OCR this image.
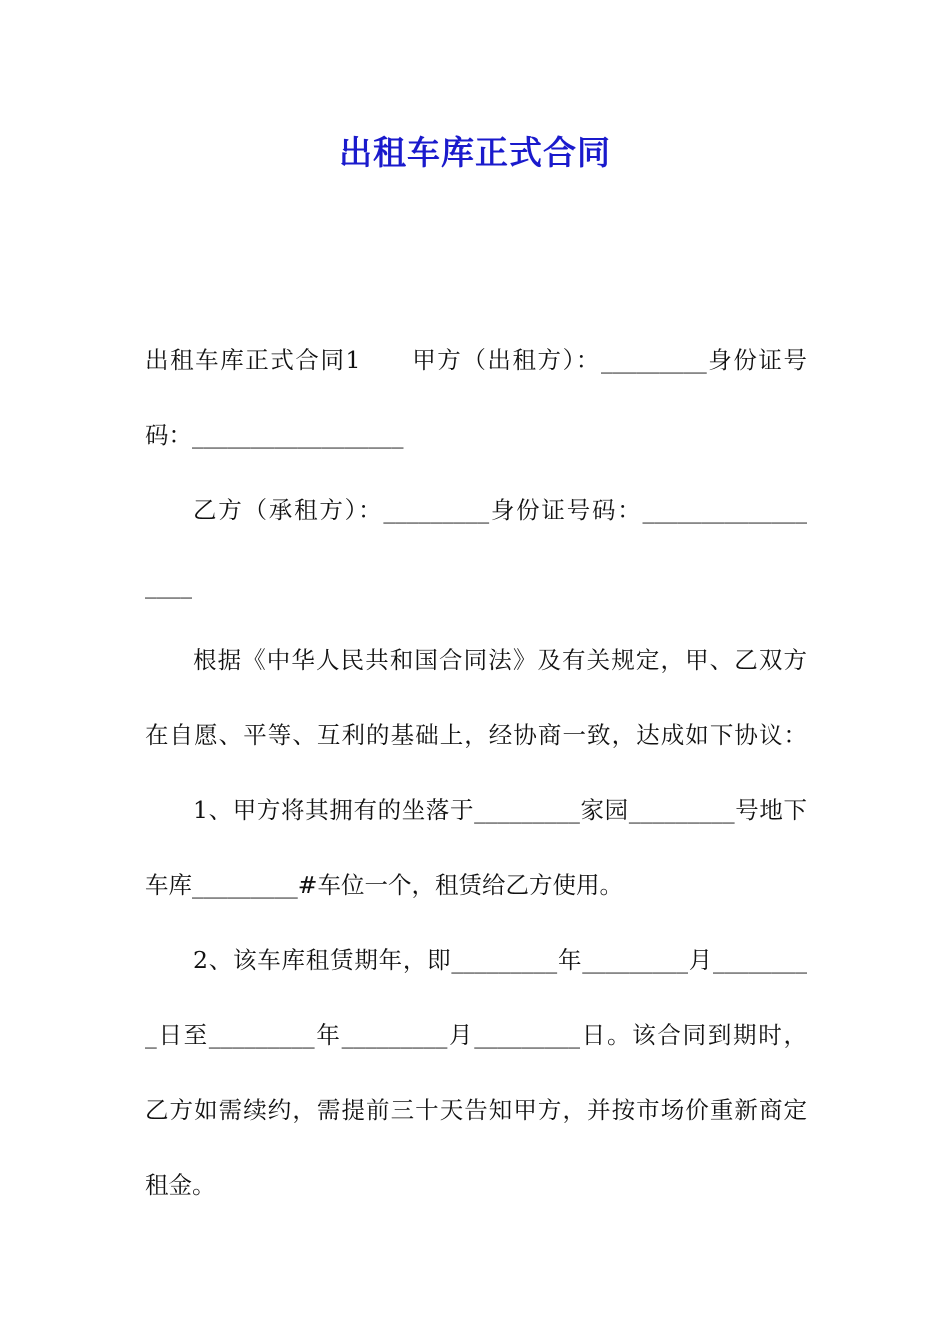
出租车库正式合同
出租车库正式合同1　　甲方（出租方）：_________身份证号
码：__________________
乙方（承租方）：_________身份证号码：______________
____
根据《中华人民共和国合同法》及有关规定，甲、乙双方
在自愿、平等、互利的基础上，经协商一致，达成如下协议：
1、甲方将其拥有的坐落于_________家园_________号地下
车库_________#车位一个，租赁给乙方使用。
2、该车库租赁期年，即_________年_________月________
_日至_________年_________月_________日。该合同到期时，
乙方如需续约，需提前三十天告知甲方，并按市场价重新商定
租金。
